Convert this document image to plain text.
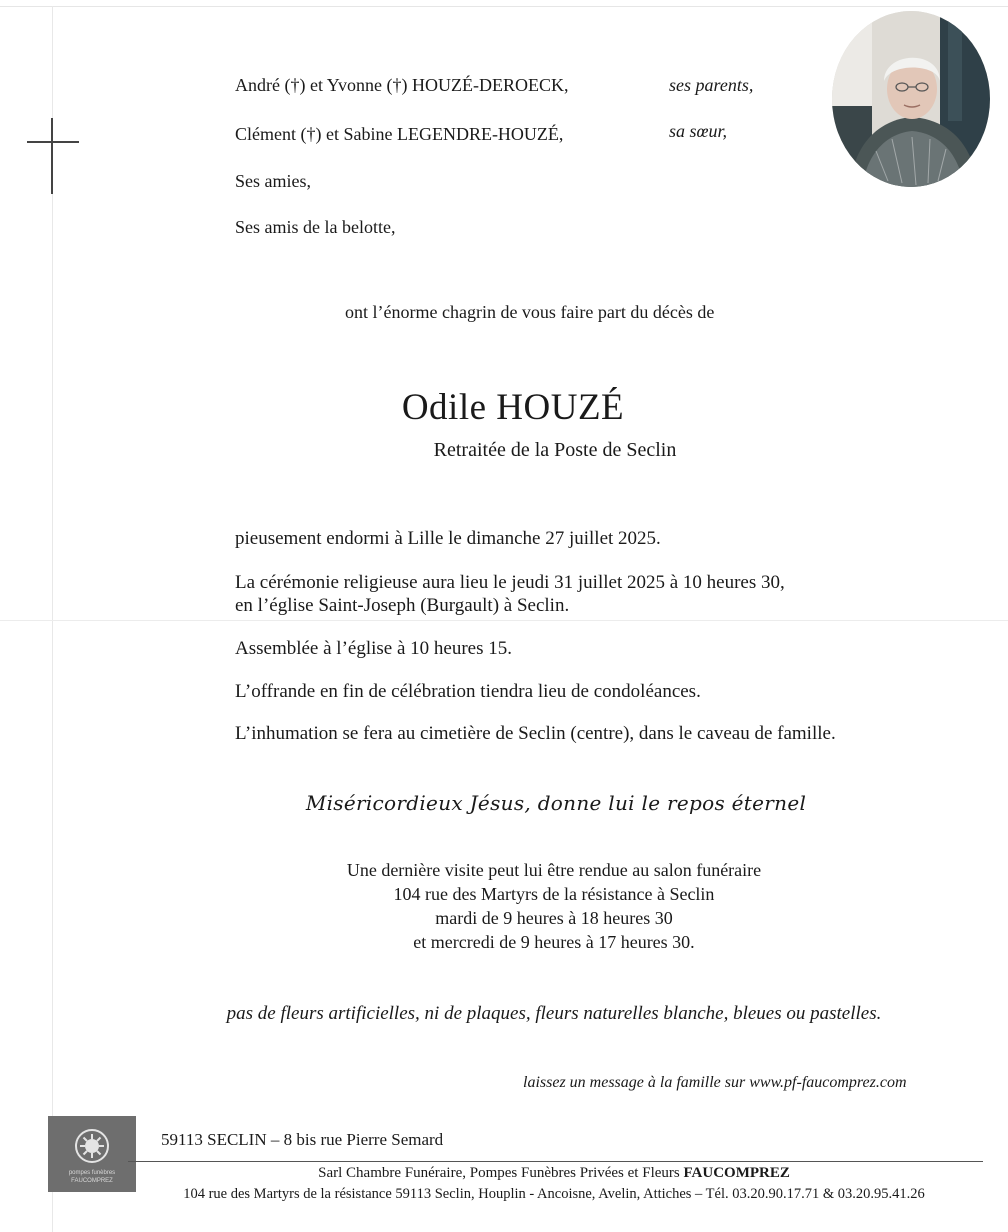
André (†) et Yvonne (†) HOUZÉ-DEROECK,	ses parents,
Clément (†) et Sabine LEGENDRE-HOUZÉ,	sa sœur,
Ses amies,
Ses amis de la belotte,
ont l’énorme chagrin de vous faire part du décès de
Odile HOUZÉ
Retraitée de la Poste de Seclin
pieusement endormi à Lille le dimanche 27 juillet 2025.
La cérémonie religieuse aura lieu le jeudi 31 juillet 2025 à 10 heures 30,
en l’église Saint-Joseph (Burgault) à Seclin.
Assemblée à l’église à 10 heures 15.
L’offrande en fin de célébration tiendra lieu de condoléances.
L’inhumation se fera au cimetière de Seclin (centre), dans le caveau de famille.
Miséricordieux Jésus, donne lui le repos éternel
Une dernière visite peut lui être rendue au salon funéraire
104 rue des Martyrs de la résistance à Seclin
mardi de 9 heures à 18 heures 30
et mercredi de 9 heures à 17 heures 30.
pas de fleurs artificielles, ni de plaques, fleurs naturelles blanche, bleues ou pastelles.
laissez un message à la famille sur www.pf-faucomprez.com
pompes funèbres
FAUCOMPREZ
59113 SECLIN – 8 bis rue Pierre Semard
Sarl Chambre Funéraire, Pompes Funèbres Privées et Fleurs FAUCOMPREZ
104 rue des Martyrs de la résistance 59113 Seclin, Houplin - Ancoisne, Avelin, Attiches – Tél. 03.20.90.17.71 & 03.20.95.41.26
